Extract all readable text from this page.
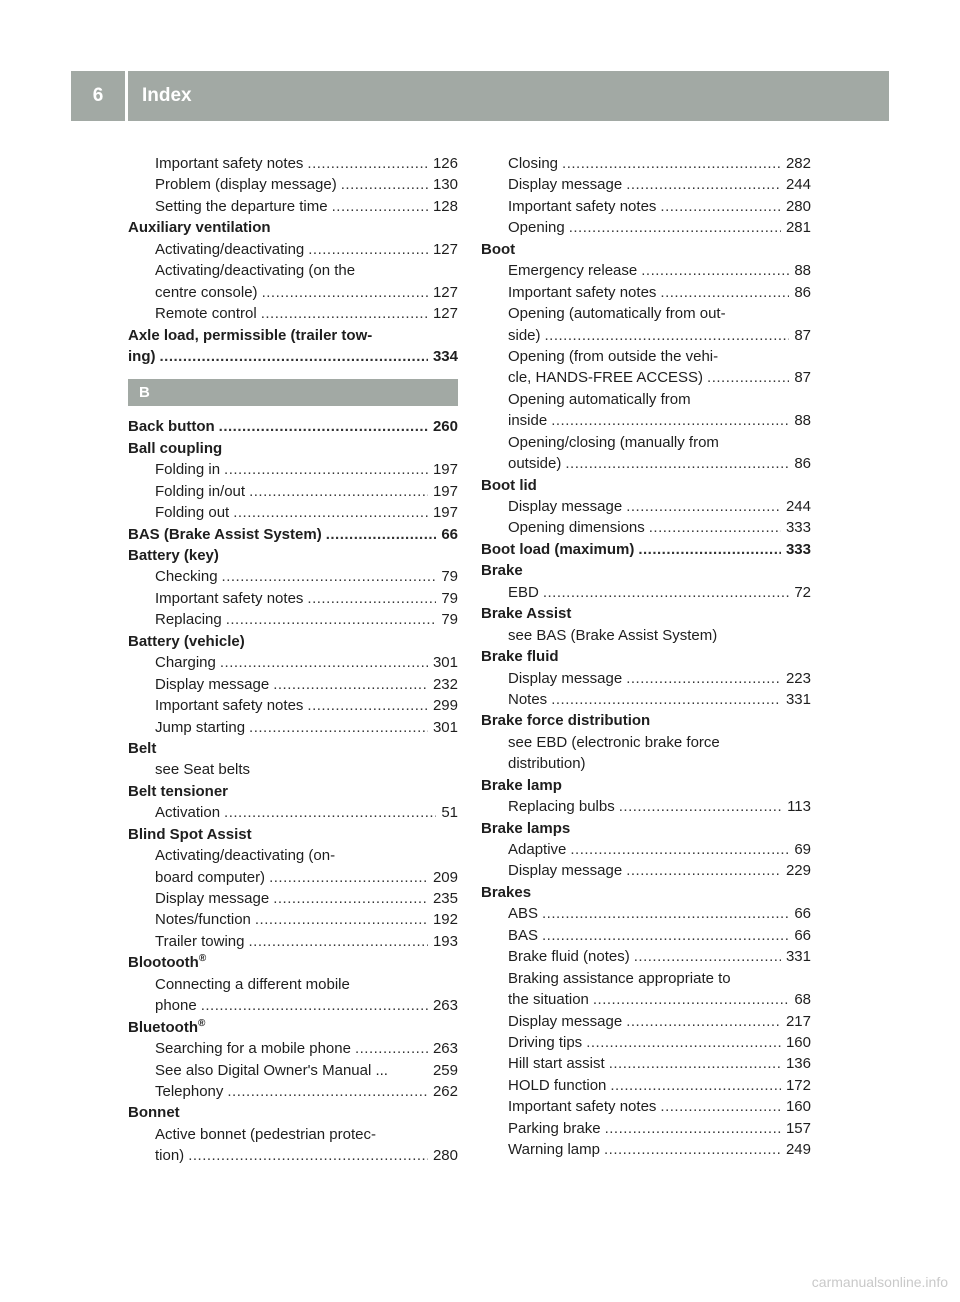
6	Index
Important safety notes .....	126
Problem (display message) .....	130
Setting the departure time .....	128
Auxiliary ventilation
Activating/deactivating .....	127
Activating/deactivating (on the
centre console) .....	127
Remote control .....	127
Axle load, permissible (trailer tow-
ing) .....	334
B
Back button .....	260
Ball coupling
Folding in .....	197
Folding in/out .....	197
Folding out .....	197
BAS (Brake Assist System) .....	66
Battery (key)
Checking .....	79
Important safety notes .....	79
Replacing .....	79
Battery (vehicle)
Charging .....	301
Display message .....	232
Important safety notes .....	299
Jump starting .....	301
Belt
see Seat belts
Belt tensioner
Activation .....	51
Blind Spot Assist
Activating/deactivating (on-
board computer) .....	209
Display message .....	235
Notes/function .....	192
Trailer towing .....	193
Blootooth®
Connecting a different mobile
phone .....	263
Bluetooth®
Searching for a mobile phone .....	263
See also Digital Owner's Manual ...	259
Telephony .....	262
Bonnet
Active bonnet (pedestrian protec-
tion) .....	280
Closing .....	282
Display message .....	244
Important safety notes .....	280
Opening .....	281
Boot
Emergency release .....	88
Important safety notes .....	86
Opening (automatically from out-
side) .....	87
Opening (from outside the vehi-
cle, HANDS-FREE ACCESS) .....	87
Opening automatically from
inside .....	88
Opening/closing (manually from
outside) .....	86
Boot lid
Display message .....	244
Opening dimensions .....	333
Boot load (maximum) .....	333
Brake
EBD .....	72
Brake Assist
see BAS (Brake Assist System)
Brake fluid
Display message .....	223
Notes .....	331
Brake force distribution
see EBD (electronic brake force
distribution)
Brake lamp
Replacing bulbs .....	113
Brake lamps
Adaptive .....	69
Display message .....	229
Brakes
ABS .....	66
BAS .....	66
Brake fluid (notes) .....	331
Braking assistance appropriate to
the situation .....	68
Display message .....	217
Driving tips .....	160
Hill start assist .....	136
HOLD function .....	172
Important safety notes .....	160
Parking brake .....	157
Warning lamp .....	249
carmanualsonline.info
